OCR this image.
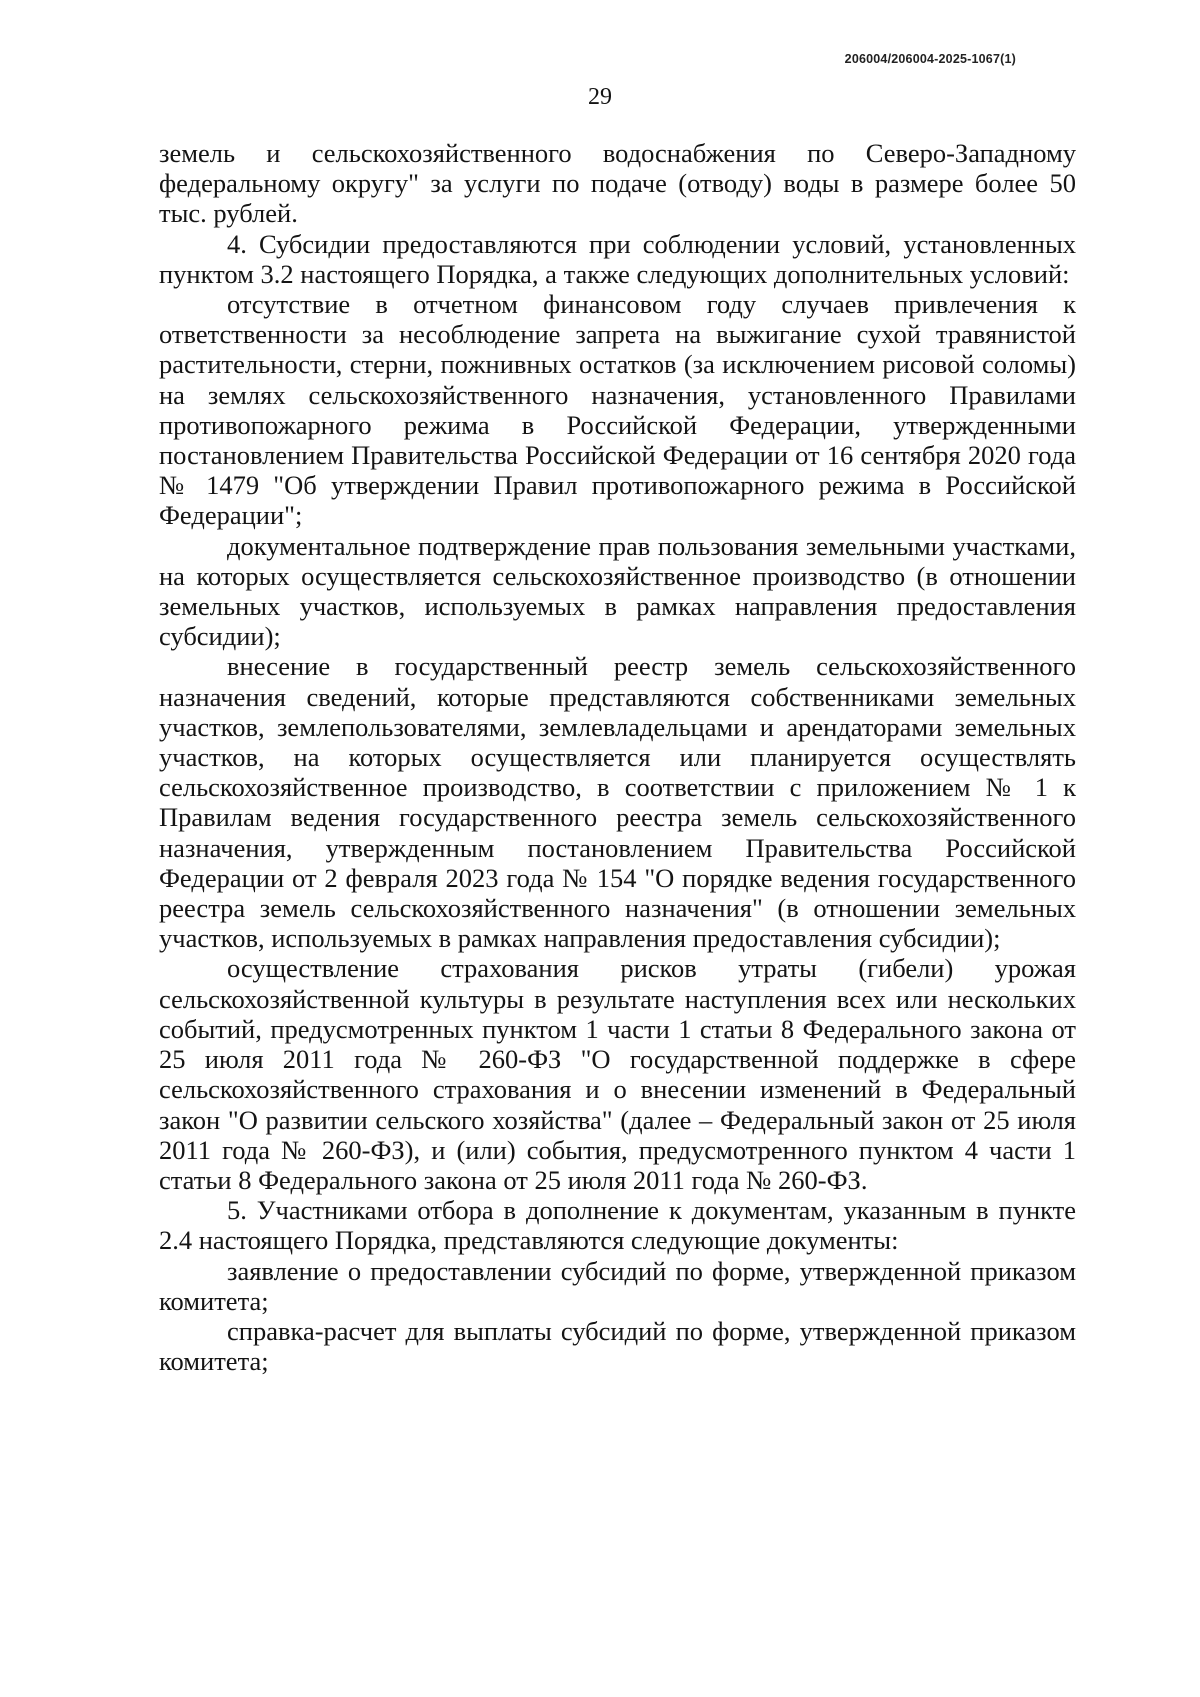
206004/206004-2025-1067(1)
29

земель и сельскохозяйственного водоснабжения по Северо-Западному федеральному округу" за услуги по подаче (отводу) воды в размере более 50 тыс. рублей.

4. Субсидии предоставляются при соблюдении условий, установленных пунктом 3.2 настоящего Порядка, а также следующих дополнительных условий:

отсутствие в отчетном финансовом году случаев привлечения к ответственности за несоблюдение запрета на выжигание сухой травянистой растительности, стерни, пожнивных остатков (за исключением рисовой соломы) на землях сельскохозяйственного назначения, установленного Правилами противопожарного режима в Российской Федерации, утвержденными постановлением Правительства Российской Федерации от 16 сентября 2020 года № 1479 "Об утверждении Правил противопожарного режима в Российской Федерации";

документальное подтверждение прав пользования земельными участками, на которых осуществляется сельскохозяйственное производство (в отношении земельных участков, используемых в рамках направления предоставления субсидии);

внесение в государственный реестр земель сельскохозяйственного назначения сведений, которые представляются собственниками земельных участков, землепользователями, землевладельцами и арендаторами земельных участков, на которых осуществляется или планируется осуществлять сельскохозяйственное производство, в соответствии с приложением № 1 к Правилам ведения государственного реестра земель сельскохозяйственного назначения, утвержденным постановлением Правительства Российской Федерации от 2 февраля 2023 года № 154 "О порядке ведения государственного реестра земель сельскохозяйственного назначения" (в отношении земельных участков, используемых в рамках направления предоставления субсидии);

осуществление страхования рисков утраты (гибели) урожая сельскохозяйственной культуры в результате наступления всех или нескольких событий, предусмотренных пунктом 1 части 1 статьи 8 Федерального закона от 25 июля 2011 года № 260-ФЗ "О государственной поддержке в сфере сельскохозяйственного страхования и о внесении изменений в Федеральный закон "О развитии сельского хозяйства" (далее – Федеральный закон от 25 июля 2011 года № 260-ФЗ), и (или) события, предусмотренного пунктом 4 части 1 статьи 8 Федерального закона от 25 июля 2011 года № 260-ФЗ.

5. Участниками отбора в дополнение к документам, указанным в пункте 2.4 настоящего Порядка, представляются следующие документы:

заявление о предоставлении субсидий по форме, утвержденной приказом комитета;

справка-расчет для выплаты субсидий по форме, утвержденной приказом комитета;
